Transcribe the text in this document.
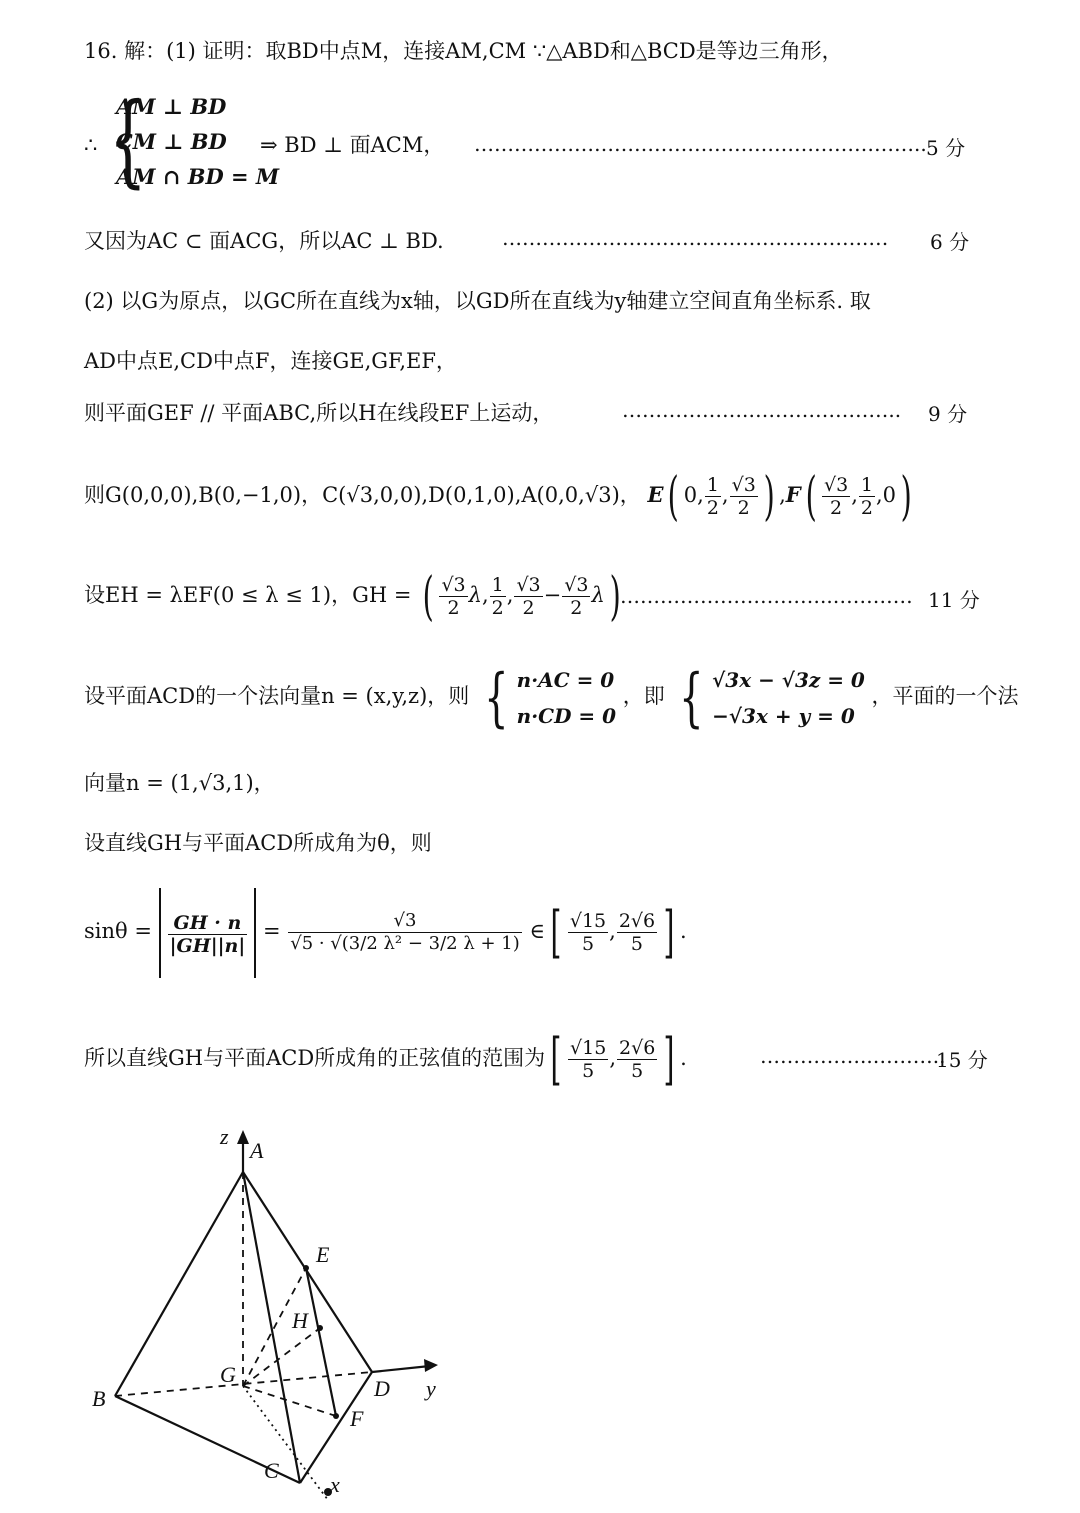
16. 解：(1) 证明：取BD中点M，连接AM,CM ∵△ABD和△BCD是等边三角形，
∴ {
AM ⊥ BD
CM ⊥ BD
AM ∩ BD = M
⇒ BD ⊥ 面ACM， ………………………………………………………….. 5 分
又因为AC ⊂ 面ACG，所以AC ⊥ BD.	……………………………………………….… 6 分
(2) 以G为原点，以GC所在直线为x轴，以GD所在直线为y轴建立空间直角坐标系. 取
AD中点E,CD中点F，连接GE,GF,EF，
则平面GEF // 平面ABC,所以H在线段EF上运动，	……………….………………….. 9 分
则G(0,0,0),B(0,−1,0)，C(√3,0,0),D(0,1,0),A(0,0,√3)， E( 0, $\frac{1}{2}$ , $\frac{√3}{2}$ ) $,F( \frac{√3}{2}$ , $\frac{1}{2} ,0$)
设EH = λEF(0 ≤ λ ≤ 1)，GH = ( $\frac{√3}{2} \lambda$, $\frac{1}{2}$ , $\frac{√3}{2} - \frac{√3}{2} \lambda$) …………………………..………… 11 分
设平面ACD的一个法向量n = (x,y,z)，则 { n·AC = 0
n·CD = 0
，即 { √3x − √3z = 0
−√3x + y = 0
，平面的一个法
向量n = (1,√3,1)，
设直线GH与平面ACD所成角为θ，则
$\sin\theta = \frac{GH \cdot n}{|GH||n|} = \frac{√3}{\text{√5 · √(3/2 λ² − 3/2 λ + 1)}}$ ∈[ $\frac{√15}{5}$ , $\frac{2√6}{5}$ ] .
所以直线GH与平面ACD所成角的正弦值的范围为[ $\frac{√15}{5}$ , $\frac{2√6}{5}$ ] .	……………..………..
15 分
z
A
E
H
G
B	D y
F
C
x
